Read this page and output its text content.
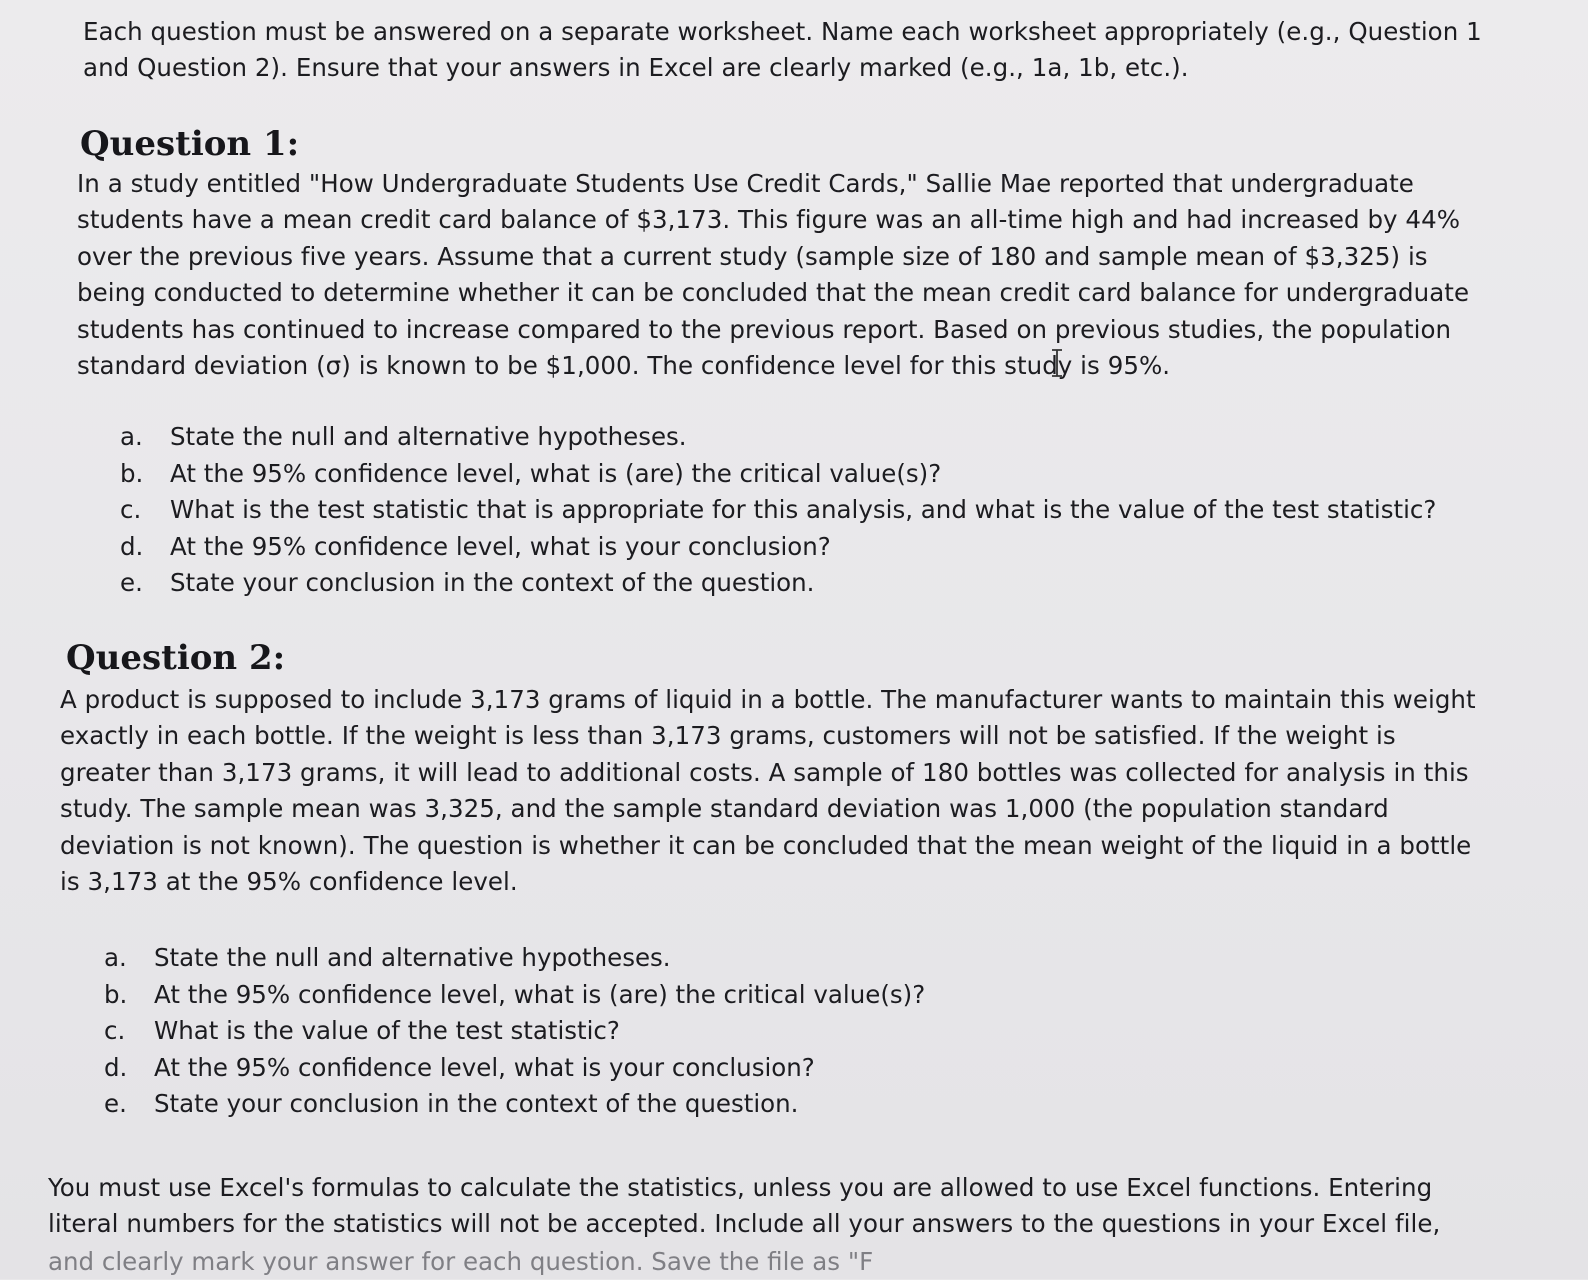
Each question must be answered on a separate worksheet. Name each worksheet appropriately (e.g., Question 1 and Question 2). Ensure that your answers in Excel are clearly marked (e.g., 1a, 1b, etc.).

Question 1:

In a study entitled "How Undergraduate Students Use Credit Cards," Sallie Mae reported that undergraduate students have a mean credit card balance of $3,173. This figure was an all-time high and had increased by 44% over the previous five years. Assume that a current study (sample size of 180 and sample mean of $3,325) is being conducted to determine whether it can be concluded that the mean credit card balance for undergraduate students has continued to increase compared to the previous report. Based on previous studies, the population standard deviation (σ) is known to be $1,000. The confidence level for this study is 95%.

a. State the null and alternative hypotheses.
b. At the 95% confidence level, what is (are) the critical value(s)?
c. What is the test statistic that is appropriate for this analysis, and what is the value of the test statistic?
d. At the 95% confidence level, what is your conclusion?
e. State your conclusion in the context of the question.
Question 2:

A product is supposed to include 3,173 grams of liquid in a bottle. The manufacturer wants to maintain this weight exactly in each bottle. If the weight is less than 3,173 grams, customers will not be satisfied. If the weight is greater than 3,173 grams, it will lead to additional costs. A sample of 180 bottles was collected for analysis in this study. The sample mean was 3,325, and the sample standard deviation was 1,000 (the population standard deviation is not known). The question is whether it can be concluded that the mean weight of the liquid in a bottle is 3,173 at the 95% confidence level.

a. State the null and alternative hypotheses.
b. At the 95% confidence level, what is (are) the critical value(s)?
c. What is the value of the test statistic?
d. At the 95% confidence level, what is your conclusion?
e. State your conclusion in the context of the question.

You must use Excel's formulas to calculate the statistics, unless you are allowed to use Excel functions. Entering literal numbers for the statistics will not be accepted. Include all your answers to the questions in your Excel file,

and clearly mark your answer for each question. Save the file as "F
